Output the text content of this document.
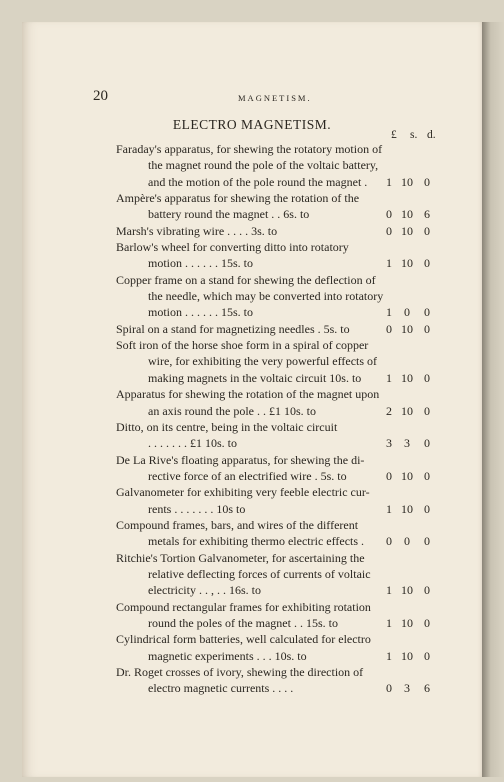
20	MAGNETISM.
ELECTRO MAGNETISM.
£ s. d.
Faraday's apparatus, for shewing the rotatory motion of
the magnet round the pole of the voltaic battery,
and the motion of the pole round the magnet .	1 10 0
Ampère's apparatus for shewing the rotation of the
battery round the magnet . . 6s. to	0 10 6
Marsh's vibrating wire . . . . 3s. to	0 10 0
Barlow's wheel for converting ditto into rotatory
motion . . . . . . 15s. to	1 10 0
Copper frame on a stand for shewing the deflection of
the needle, which may be converted into rotatory
motion . . . . . . 15s. to	1	0	0
Spiral on a stand for magnetizing needles . 5s. to	0 10 0
Soft iron of the horse shoe form in a spiral of copper
wire, for exhibiting the very powerful effects of
making magnets in the voltaic circuit 10s. to	1 10 0
Apparatus for shewing the rotation of the magnet upon
an axis round the pole . . £1 10s. to	2 10 0
Ditto, on its centre, being in the voltaic circuit
. . . . . . . £1 10s. to	3	3	0
De La Rive's floating apparatus, for shewing the di-
rective force of an electrified wire . 5s. to	0 10 0
Galvanometer for exhibiting very feeble electric cur-
rents . . . . . . . 10s to	1 10 0
Compound frames, bars, and wires of the different
metals for exhibiting thermo electric effects .	0	0	0
Ritchie's Tortion Galvanometer, for ascertaining the
relative deflecting forces of currents of voltaic
electricity . . , . . 16s. to	1 10 0
Compound rectangular frames for exhibiting rotation
round the poles of the magnet . . 15s. to	1 10 0
Cylindrical form batteries, well calculated for electro
magnetic experiments . . . 10s. to	1 10 0
Dr. Roget crosses of ivory, shewing the direction of
electro magnetic currents . . . .	0	3	6
